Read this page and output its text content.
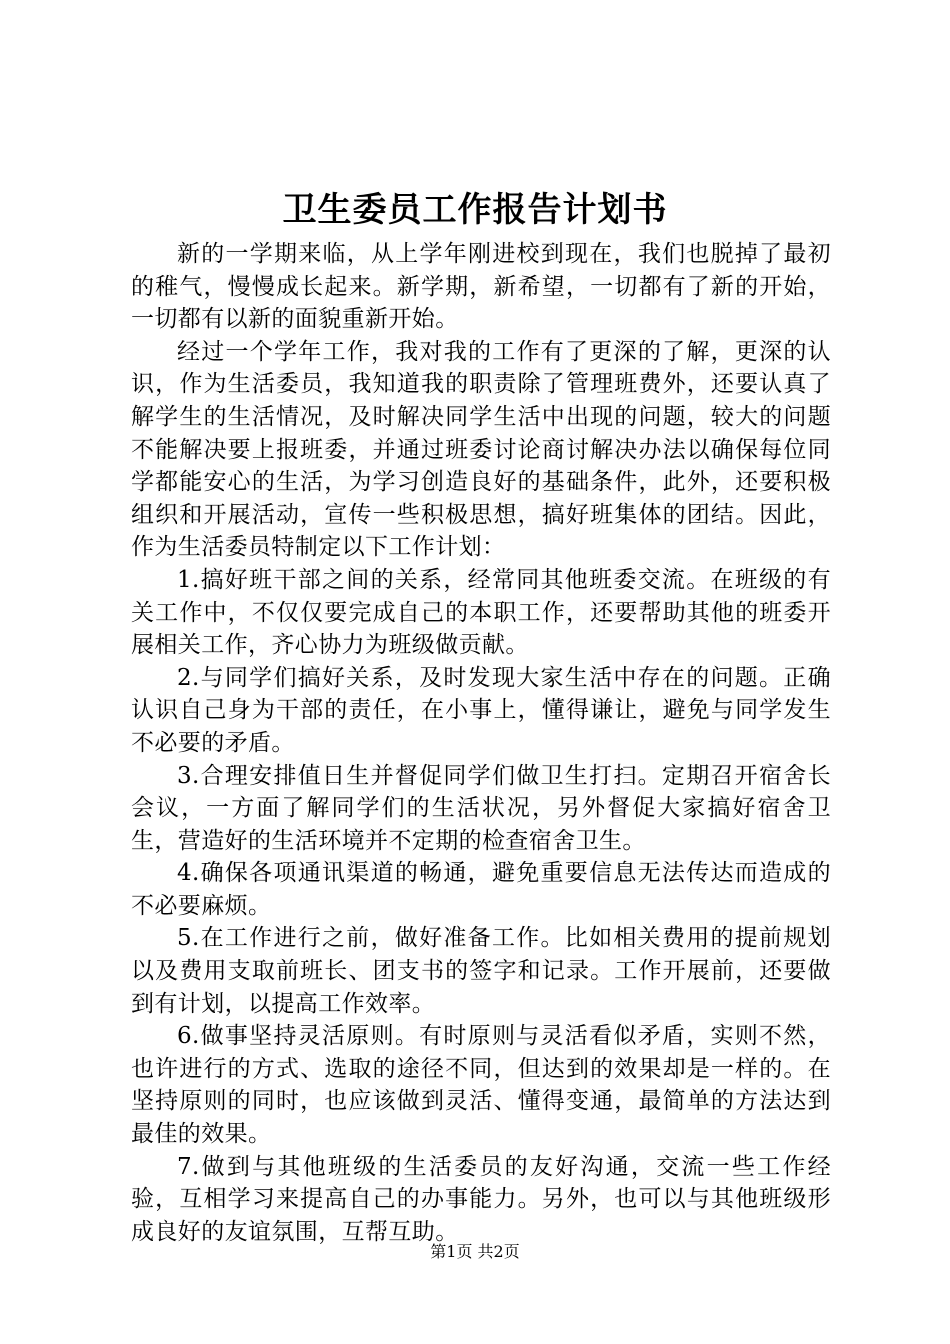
卫生委员工作报告计划书

新的一学期来临，从上学年刚进校到现在，我们也脱掉了最初的稚气，慢慢成长起来。新学期，新希望，一切都有了新的开始，一切都有以新的面貌重新开始。

经过一个学年工作，我对我的工作有了更深的了解，更深的认识，作为生活委员，我知道我的职责除了管理班费外，还要认真了解学生的生活情况，及时解决同学生活中出现的问题，较大的问题不能解决要上报班委，并通过班委讨论商讨解决办法以确保每位同学都能安心的生活，为学习创造良好的基础条件，此外，还要积极组织和开展活动，宣传一些积极思想，搞好班集体的团结。因此，作为生活委员特制定以下工作计划：

1.搞好班干部之间的关系，经常同其他班委交流。在班级的有关工作中，不仅仅要完成自己的本职工作，还要帮助其他的班委开展相关工作，齐心协力为班级做贡献。

2.与同学们搞好关系，及时发现大家生活中存在的问题。正确认识自己身为干部的责任，在小事上，懂得谦让，避免与同学发生不必要的矛盾。

3.合理安排值日生并督促同学们做卫生打扫。定期召开宿舍长会议，一方面了解同学们的生活状况，另外督促大家搞好宿舍卫生，营造好的生活环境并不定期的检查宿舍卫生。

4.确保各项通讯渠道的畅通，避免重要信息无法传达而造成的不必要麻烦。

5.在工作进行之前，做好准备工作。比如相关费用的提前规划以及费用支取前班长、团支书的签字和记录。工作开展前，还要做到有计划，以提高工作效率。

6.做事坚持灵活原则。有时原则与灵活看似矛盾，实则不然，也许进行的方式、选取的途径不同，但达到的效果却是一样的。在坚持原则的同时，也应该做到灵活、懂得变通，最简单的方法达到最佳的效果。

7.做到与其他班级的生活委员的友好沟通，交流一些工作经验，互相学习来提高自己的办事能力。另外，也可以与其他班级形成良好的友谊氛围，互帮互助。

第1页 共2页
